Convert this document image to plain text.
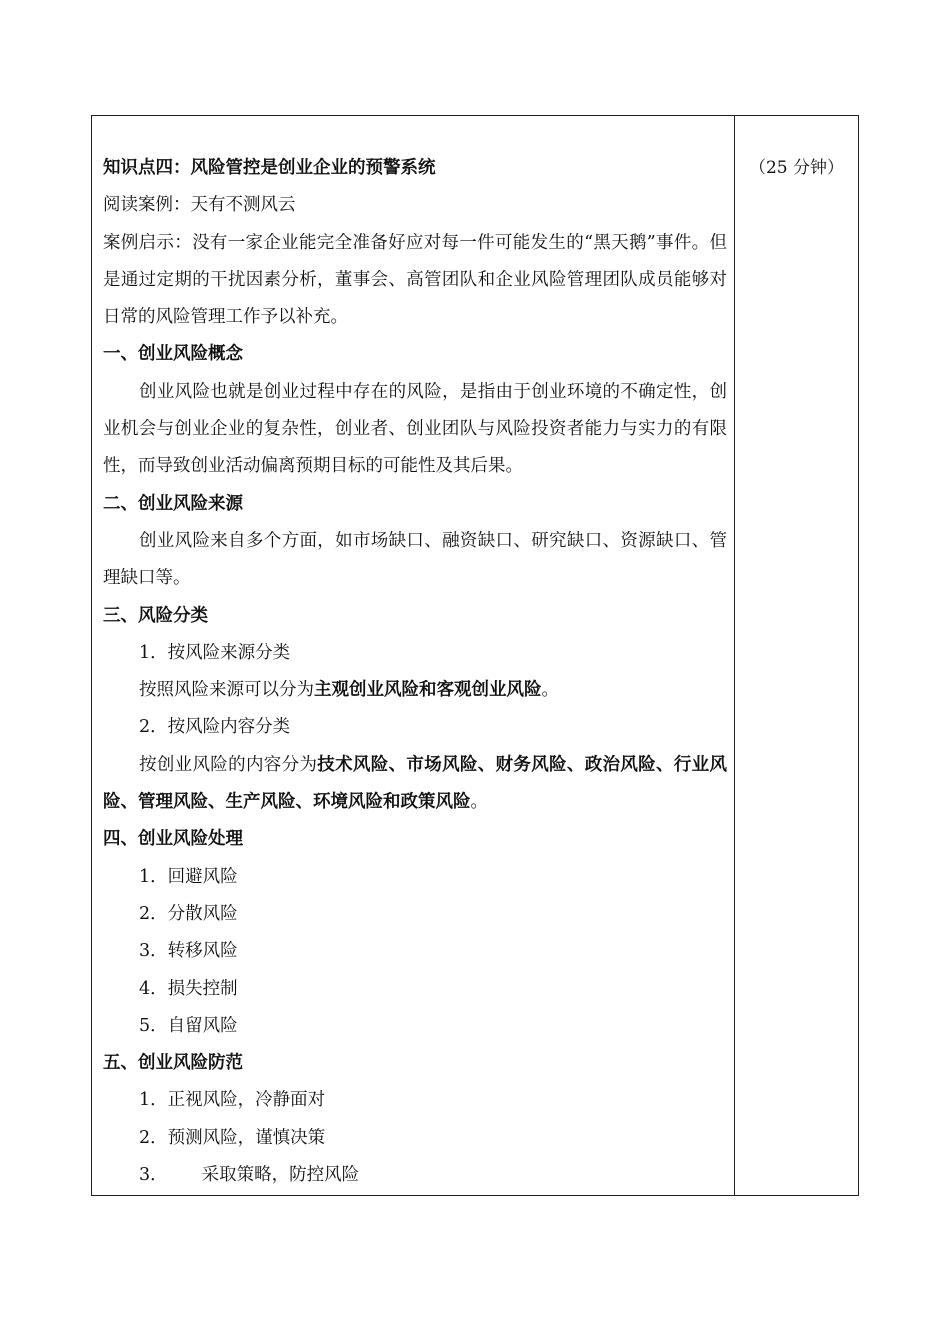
（25 分钟）
知识点四：风险管控是创业企业的预警系统
阅读案例：天有不测风云
案例启示：没有一家企业能完全准备好应对每一件可能发生的“黑天鹅”事件。但是通过定期的干扰因素分析，董事会、高管团队和企业风险管理团队成员能够对日常的风险管理工作予以补充。
一、创业风险概念
创业风险也就是创业过程中存在的风险，是指由于创业环境的不确定性，创业机会与创业企业的复杂性，创业者、创业团队与风险投资者能力与实力的有限性，而导致创业活动偏离预期目标的可能性及其后果。
二、创业风险来源
创业风险来自多个方面，如市场缺口、融资缺口、研究缺口、资源缺口、管理缺口等。
三、风险分类
1．按风险来源分类
按照风险来源可以分为主观创业风险和客观创业风险。
2．按风险内容分类
按创业风险的内容分为技术风险、市场风险、财务风险、政治风险、行业风险、管理风险、生产风险、环境风险和政策风险。
四、创业风险处理
1．回避风险
2．分散风险
3．转移风险
4．损失控制
5．自留风险
五、创业风险防范
1．正视风险，冷静面对
2．预测风险，谨慎决策
3． 采取策略，防控风险
